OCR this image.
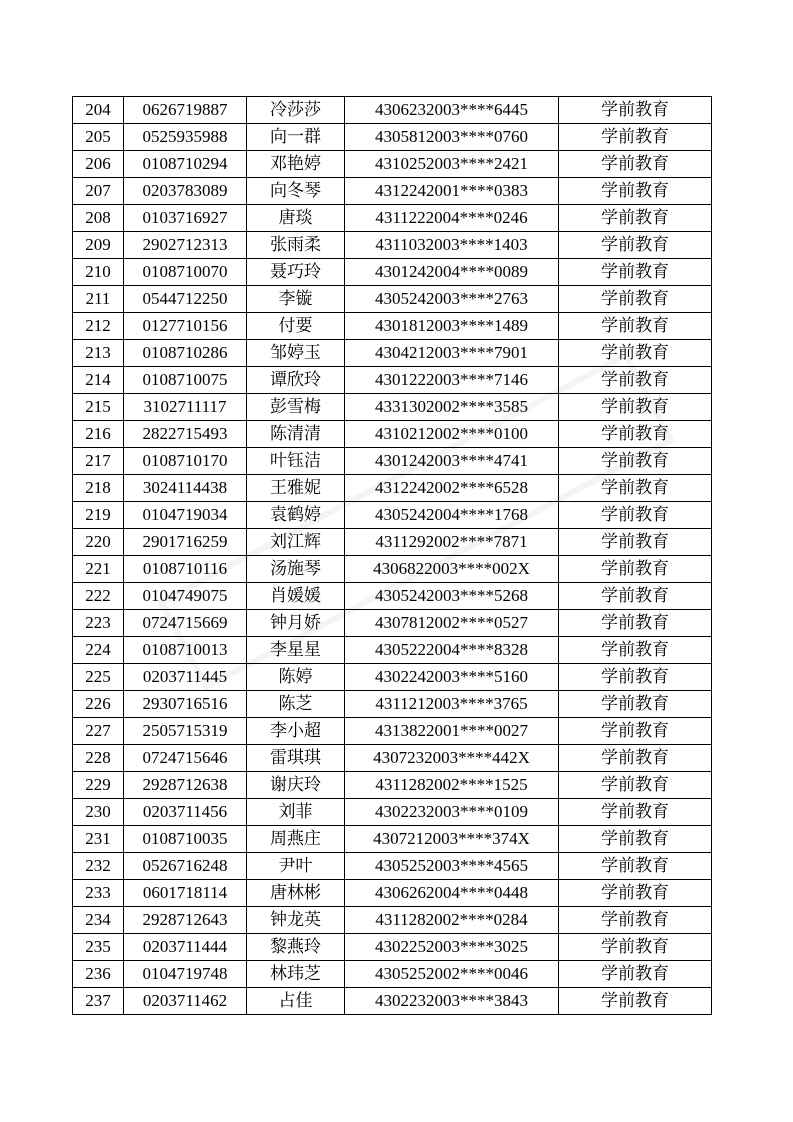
204	0626719887	冷莎莎	4306232003****6445	学前教育
205	0525935988	向一群	4305812003****0760	学前教育
206	0108710294	邓艳婷	4310252003****2421	学前教育
207	0203783089	向冬琴	4312242001****0383	学前教育
208	0103716927	唐琰	4311222004****0246	学前教育
209	2902712313	张雨柔	4311032003****1403	学前教育
210	0108710070	聂巧玲	4301242004****0089	学前教育
211	0544712250	李镟	4305242003****2763	学前教育
212	0127710156	付要	4301812003****1489	学前教育
213	0108710286	邹婷玉	4304212003****7901	学前教育
214	0108710075	谭欣玲	4301222003****7146	学前教育
215	3102711117	彭雪梅	4331302002****3585	学前教育
216	2822715493	陈清清	4310212002****0100	学前教育
217	0108710170	叶钰洁	4301242003****4741	学前教育
218	3024114438	王雅妮	4312242002****6528	学前教育
219	0104719034	袁鹤婷	4305242004****1768	学前教育
220	2901716259	刘江辉	4311292002****7871	学前教育
221	0108710116	汤施琴	4306822003****002X	学前教育
222	0104749075	肖媛媛	4305242003****5268	学前教育
223	0724715669	钟月娇	4307812002****0527	学前教育
224	0108710013	李星星	4305222004****8328	学前教育
225	0203711445	陈婷	4302242003****5160	学前教育
226	2930716516	陈芝	4311212003****3765	学前教育
227	2505715319	李小超	4313822001****0027	学前教育
228	0724715646	雷琪琪	4307232003****442X	学前教育
229	2928712638	谢庆玲	4311282002****1525	学前教育
230	0203711456	刘菲	4302232003****0109	学前教育
231	0108710035	周燕庄	4307212003****374X	学前教育
232	0526716248	尹叶	4305252003****4565	学前教育
233	0601718114	唐林彬	4306262004****0448	学前教育
234	2928712643	钟龙英	4311282002****0284	学前教育
235	0203711444	黎燕玲	4302252003****3025	学前教育
236	0104719748	林玮芝	4305252002****0046	学前教育
237	0203711462	占佳	4302232003****3843	学前教育
